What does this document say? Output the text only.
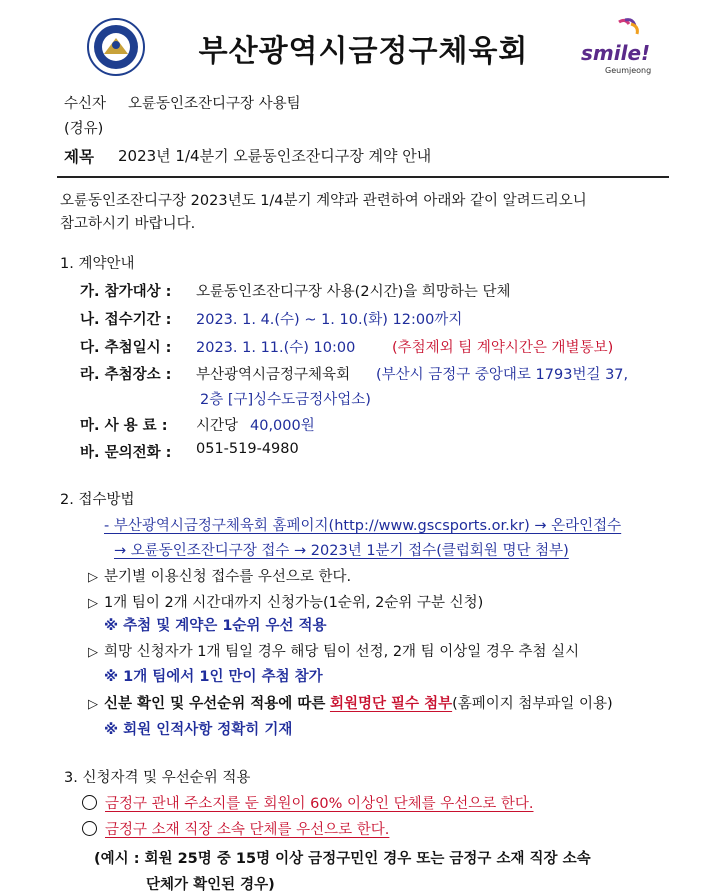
부산광역시금정구체육회	smile!
Geumjeong
수신자 오륜동인조잔디구장 사용팀
(경유)
제목 2023년 1/4분기 오륜동인조잔디구장 계약 안내
오륜동인조잔디구장 2023년도 1/4분기 계약과 관련하여 아래와 같이 알려드리오니
참고하시기 바랍니다.
1. 계약안내
가. 참가대상 : 오륜동인조잔디구장 사용(2시간)을 희망하는 단체
나. 접수기간 : 2023. 1. 4.(수) ~ 1. 10.(화) 12:00까지
다. 추첨일시 : 2023. 1. 11.(수) 10:00	(추첨제외 팀 계약시간은 개별통보)
라. 추첨장소 : 부산광역시금정구체육회 (부산시 금정구 중앙대로 1793번길 37,
2층 [구]싱수도금정사업소)
마. 사 용 료 : 시간당 40,000원
바. 문의전화 : 051-519-4980
2. 접수방법
- 부산광역시금정구체육회 홈페이지(http://www.gscsports.or.kr) → 온라인접수
→ 오륜동인조잔디구장 접수 → 2023년 1분기 접수(클럽회원 명단 첨부)
▷ 분기별 이용신청 접수를 우선으로 한다.
▷ 1개 팀이 2개 시간대까지 신청가능(1순위, 2순위 구분 신청)
※ 추첨 및 계약은 1순위 우선 적용
▷ 희망 신청자가 1개 팀일 경우 해당 팀이 선정, 2개 팀 이상일 경우 추첨 실시
※ 1개 팀에서 1인 만이 추첨 참가
▷ 신분 확인 및 우선순위 적용에 따른 회원명단 필수 첨부(홈페이지 첨부파일 이용)
※ 회원 인적사항 정확히 기재
3. 신청자격 및 우선순위 적용
금정구 관내 주소지를 둔 회원이 60% 이상인 단체를 우선으로 한다.
금정구 소재 직장 소속 단체를 우선으로 한다.
(예시 : 회원 25명 중 15명 이상 금정구민인 경우 또는 금정구 소재 직장 소속
단체가 확인된 경우)
